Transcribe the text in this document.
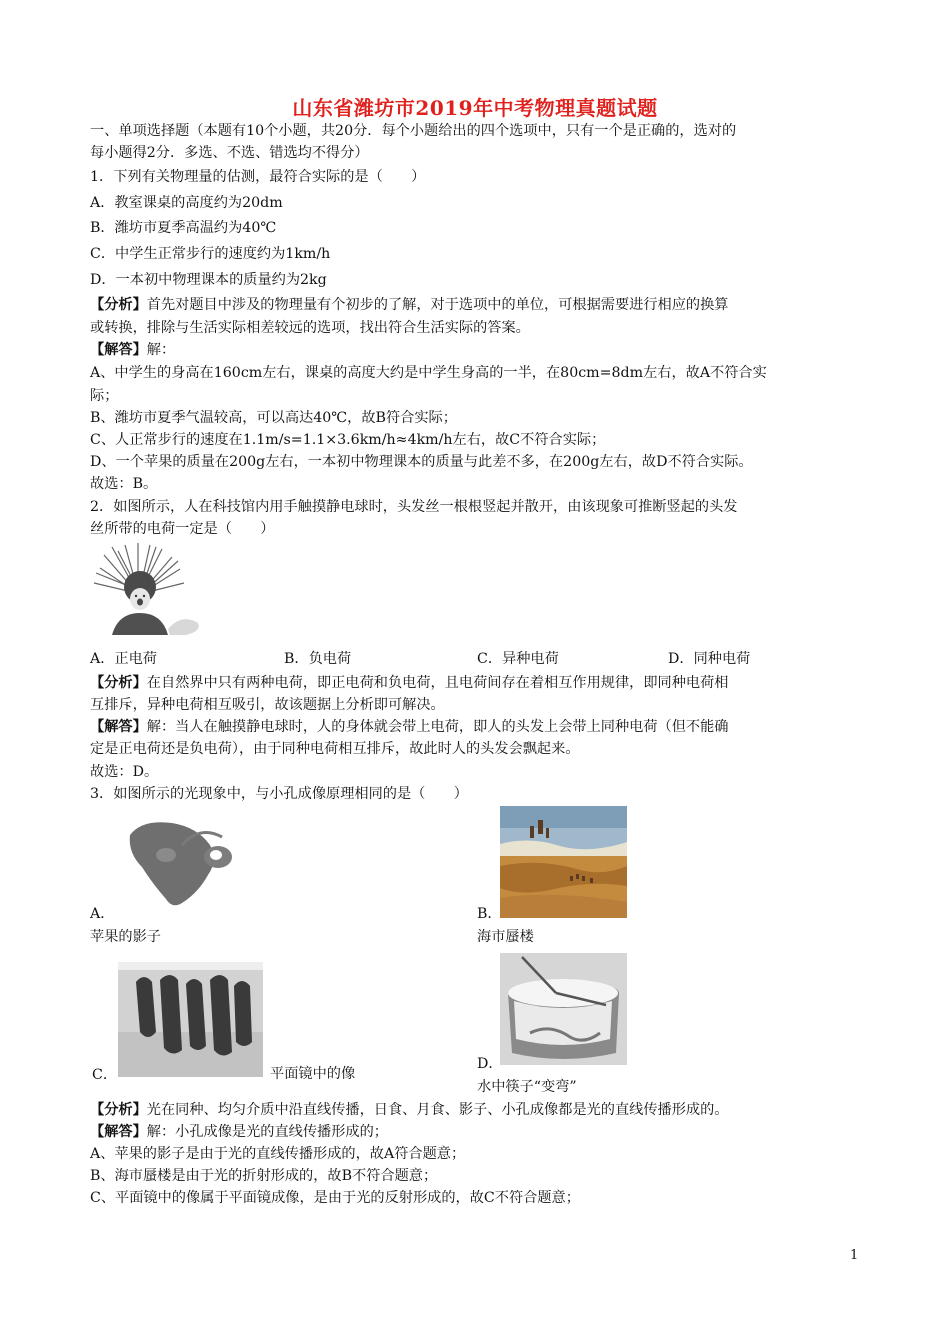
山东省潍坊市2019年中考物理真题试题
一、单项选择题（本题有10个小题，共20分．每个小题给出的四个选项中，只有一个是正确的，选对的
每小题得2分．多选、不选、错选均不得分）
1．下列有关物理量的估测，最符合实际的是（　　）
A．教室课桌的高度约为20dm
B．潍坊市夏季高温约为40℃
C．中学生正常步行的速度约为1km/h
D．一本初中物理课本的质量约为2kg
【分析】首先对题目中涉及的物理量有个初步的了解，对于选项中的单位，可根据需要进行相应的换算
或转换，排除与生活实际相差较远的选项，找出符合生活实际的答案。
【解答】解：
A、中学生的身高在160cm左右，课桌的高度大约是中学生身高的一半，在80cm=8dm左右，故A不符合实
际；
B、潍坊市夏季气温较高，可以高达40℃，故B符合实际；
C、人正常步行的速度在1.1m/s=1.1×3.6km/h≈4km/h左右，故C不符合实际；
D、一个苹果的质量在200g左右，一本初中物理课本的质量与此差不多，在200g左右，故D不符合实际。
故选：B。
2．如图所示，人在科技馆内用手触摸静电球时，头发丝一根根竖起并散开，由该现象可推断竖起的头发
丝所带的电荷一定是（　　）
A．正电荷	B．负电荷	C．异种电荷	D．同种电荷
【分析】在自然界中只有两种电荷，即正电荷和负电荷，且电荷间存在着相互作用规律，即同种电荷相
互排斥，异种电荷相互吸引，故该题据上分析即可解决。
【解答】解：当人在触摸静电球时，人的身体就会带上电荷，即人的头发上会带上同种电荷（但不能确
定是正电荷还是负电荷），由于同种电荷相互排斥，故此时人的头发会飘起来。
故选：D。
3．如图所示的光现象中，与小孔成像原理相同的是（　　）
A．
苹果的影子
B．
海市蜃楼
C．	平面镜中的像
D．
水中筷子“变弯”
【分析】光在同种、均匀介质中沿直线传播，日食、月食、影子、小孔成像都是光的直线传播形成的。
【解答】解：小孔成像是光的直线传播形成的；
A、苹果的影子是由于光的直线传播形成的，故A符合题意；
B、海市蜃楼是由于光的折射形成的，故B不符合题意；
C、平面镜中的像属于平面镜成像，是由于光的反射形成的，故C不符合题意；
1
